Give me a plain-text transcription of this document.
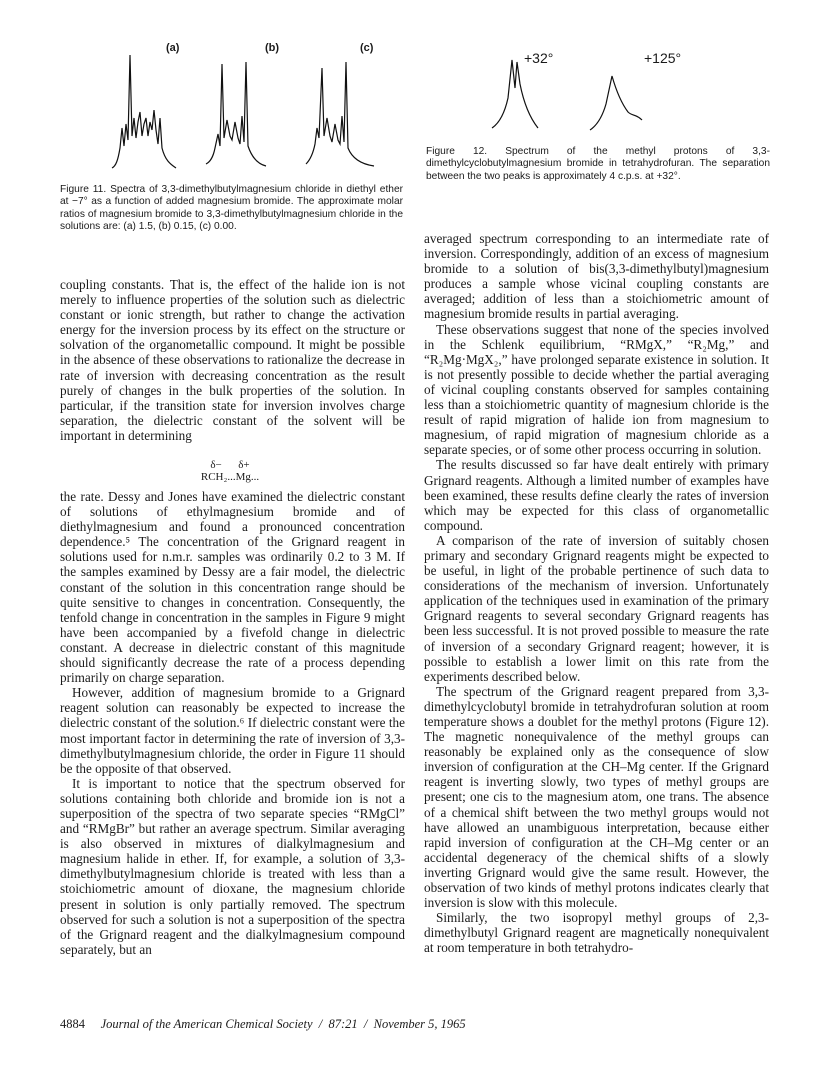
(a)	(b)	(c)
Figure 11. Spectra of 3,3-dimethylbutylmagnesium chloride in diethyl ether at −7° as a function of added magnesium bromide. The approximate molar ratios of magnesium bromide to 3,3-dimethylbutylmagnesium chloride in the solutions are: (a) 1.5, (b) 0.15, (c) 0.00.
+32°	+125°
Figure 12. Spectrum of the methyl protons of 3,3-dimethylcyclobutylmagnesium bromide in tetrahydrofuran. The separation between the two peaks is approximately 4 c.p.s. at +32°.

coupling constants. That is, the effect of the halide ion is not merely to influence properties of the solution such as dielectric constant or ionic strength, but rather to change the activation energy for the inversion process by its effect on the structure or solvation of the organometallic compound. It might be possible in the absence of these observations to rationalize the decrease in rate of inversion with decreasing concentration as the result purely of changes in the bulk properties of the solution. In particular, if the transition state for inversion involves charge separation, the dielectric constant of the solvent will be important in determining

δ−      δ+
RCH₂...Mg...

the rate. Dessy and Jones have examined the dielectric constant of solutions of ethylmagnesium bromide and of diethylmagnesium and found a pronounced concentration dependence.⁵ The concentration of the Grignard reagent in solutions used for n.m.r. samples was ordinarily 0.2 to 3 M. If the samples examined by Dessy are a fair model, the dielectric constant of the solution in this concentration range should be quite sensitive to changes in concentration. Consequently, the tenfold change in concentration in the samples in Figure 9 might have been accompanied by a fivefold change in dielectric constant. A decrease in dielectric constant of this magnitude should significantly decrease the rate of a process depending primarily on charge separation.

However, addition of magnesium bromide to a Grignard reagent solution can reasonably be expected to increase the dielectric constant of the solution.⁶ If dielectric constant were the most important factor in determining the rate of inversion of 3,3-dimethylbutylmagnesium chloride, the order in Figure 11 should be the opposite of that observed.

It is important to notice that the spectrum observed for solutions containing both chloride and bromide ion is not a superposition of the spectra of two separate species “RMgCl” and “RMgBr” but rather an average spectrum. Similar averaging is also observed in mixtures of dialkylmagnesium and magnesium halide in ether. If, for example, a solution of 3,3-dimethylbutylmagnesium chloride is treated with less than a stoichiometric amount of dioxane, the magnesium chloride present in solution is only partially removed. The spectrum observed for such a solution is not a superposition of the spectra of the Grignard reagent and the dialkylmagnesium compound separately, but an

averaged spectrum corresponding to an intermediate rate of inversion. Correspondingly, addition of an excess of magnesium bromide to a solution of bis(3,3-dimethylbutyl)magnesium produces a sample whose vicinal coupling constants are averaged; addition of less than a stoichiometric amount of magnesium bromide results in partial averaging.

These observations suggest that none of the species involved in the Schlenk equilibrium, “RMgX,” “R₂Mg,” and “R₂Mg·MgX₂,” have prolonged separate existence in solution. It is not presently possible to decide whether the partial averaging of vicinal coupling constants observed for samples containing less than a stoichiometric quantity of magnesium chloride is the result of rapid migration of halide ion from magnesium to magnesium, of rapid migration of magnesium chloride as a separate species, or of some other process occurring in solution.

The results discussed so far have dealt entirely with primary Grignard reagents. Although a limited number of examples have been examined, these results define clearly the rates of inversion which may be expected for this class of organometallic compound.

A comparison of the rate of inversion of suitably chosen primary and secondary Grignard reagents might be expected to be useful, in light of the probable pertinence of such data to considerations of the mechanism of inversion. Unfortunately application of the techniques used in examination of the primary Grignard reagents to several secondary Grignard reagents has been less successful. It is not proved possible to measure the rate of inversion of a secondary Grignard reagent; however, it is possible to establish a lower limit on this rate from the experiments described below.

The spectrum of the Grignard reagent prepared from 3,3-dimethylcyclobutyl bromide in tetrahydrofuran solution at room temperature shows a doublet for the methyl protons (Figure 12). The magnetic nonequivalence of the methyl groups can reasonably be explained only as the consequence of slow inversion of configuration at the CH–Mg center. If the Grignard reagent is inverting slowly, two types of methyl groups are present; one cis to the magnesium atom, one trans. The absence of a chemical shift between the two methyl groups would not have allowed an unambiguous interpretation, because either rapid inversion of configuration at the CH–Mg center or an accidental degeneracy of the chemical shifts of a slowly inverting Grignard would give the same result. However, the observation of two kinds of methyl protons indicates clearly that inversion is slow with this molecule.

Similarly, the two isopropyl methyl groups of 2,3-dimethylbutyl Grignard reagent are magnetically nonequivalent at room temperature in both tetrahydro-

4884 Journal of the American Chemical Society / 87:21 / November 5, 1965
